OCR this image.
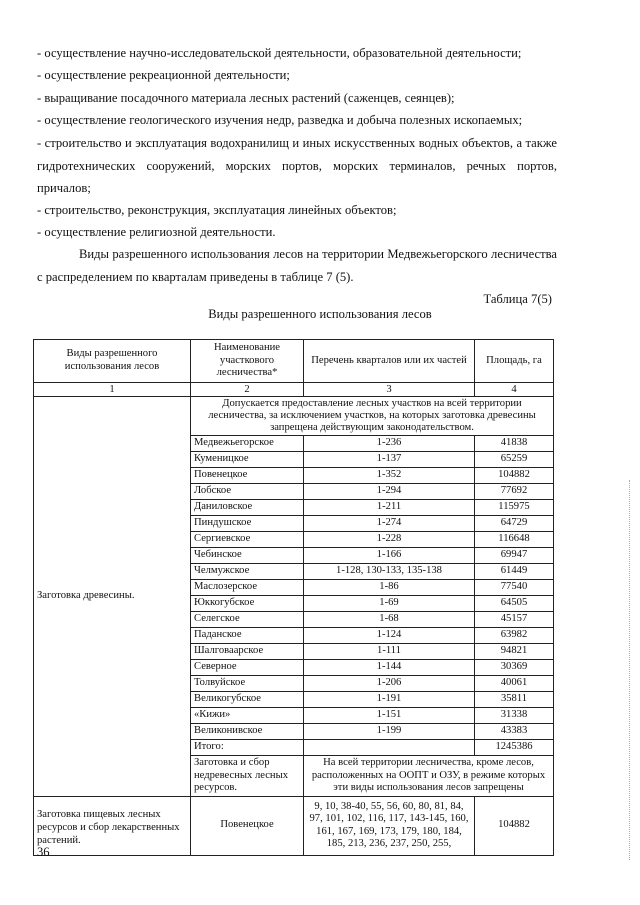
- осуществление научно-исследовательской деятельности, образовательной деятельности;
- осуществление рекреационной деятельности;
- выращивание посадочного материала лесных растений (саженцев, сеянцев);
- осуществление геологического изучения недр, разведка и добыча полезных ископаемых;
- строительство и эксплуатация водохранилищ и иных искусственных водных объектов, а также гидротехнических сооружений, морских портов, морских терминалов, речных портов, причалов;
- строительство, реконструкция, эксплуатация линейных объектов;
- осуществление религиозной деятельности.
Виды разрешенного использования лесов на территории Медвежьегорского лесничества с распределением по кварталам приведены в таблице 7 (5).
Таблица 7(5)
Виды разрешенного использования лесов
Виды разрешенного использования лесов	Наименование участкового лесничества*	Перечень кварталов или их частей	Площадь, га
1	2	3	4
Заготовка древесины.	Допускается предоставление лесных участков на всей территории лесничества, за исключением участков, на которых заготовка древесины запрещена действующим законодательством.		
	Медвежьегорское	1-236	41838
	Куменицкое	1-137	65259
	Повенецкое	1-352	104882
	Лобское	1-294	77692
	Даниловское	1-211	115975
	Пиндушское	1-274	64729
	Сергиевское	1-228	116648
	Чебинское	1-166	69947
	Челмужское	1-128, 130-133, 135-138	61449
	Маслозерское	1-86	77540
	Юккогубское	1-69	64505
	Селегское	1-68	45157
	Паданское	1-124	63982
	Шалговаарское	1-111	94821
	Северное	1-144	30369
	Толвуйское	1-206	40061
	Великогубское	1-191	35811
	«Кижи»	1-151	31338
	Великонивское	1-199	43383
	Итого:		1245386
	Заготовка и сбор недревесных лесных ресурсов.	На всей территории лесничества, кроме лесов, расположенных на ООПТ и ОЗУ, в режиме которых эти виды использования лесов запрещены	
Заготовка пищевых лесных ресурсов и сбор лекарственных растений.	Повенецкое	9, 10, 38-40, 55, 56, 60, 80, 81, 84, 97, 101, 102, 116, 117, 143-145, 160, 161, 167, 169, 173, 179, 180, 184, 185, 213, 236, 237, 250, 255,	104882
36
